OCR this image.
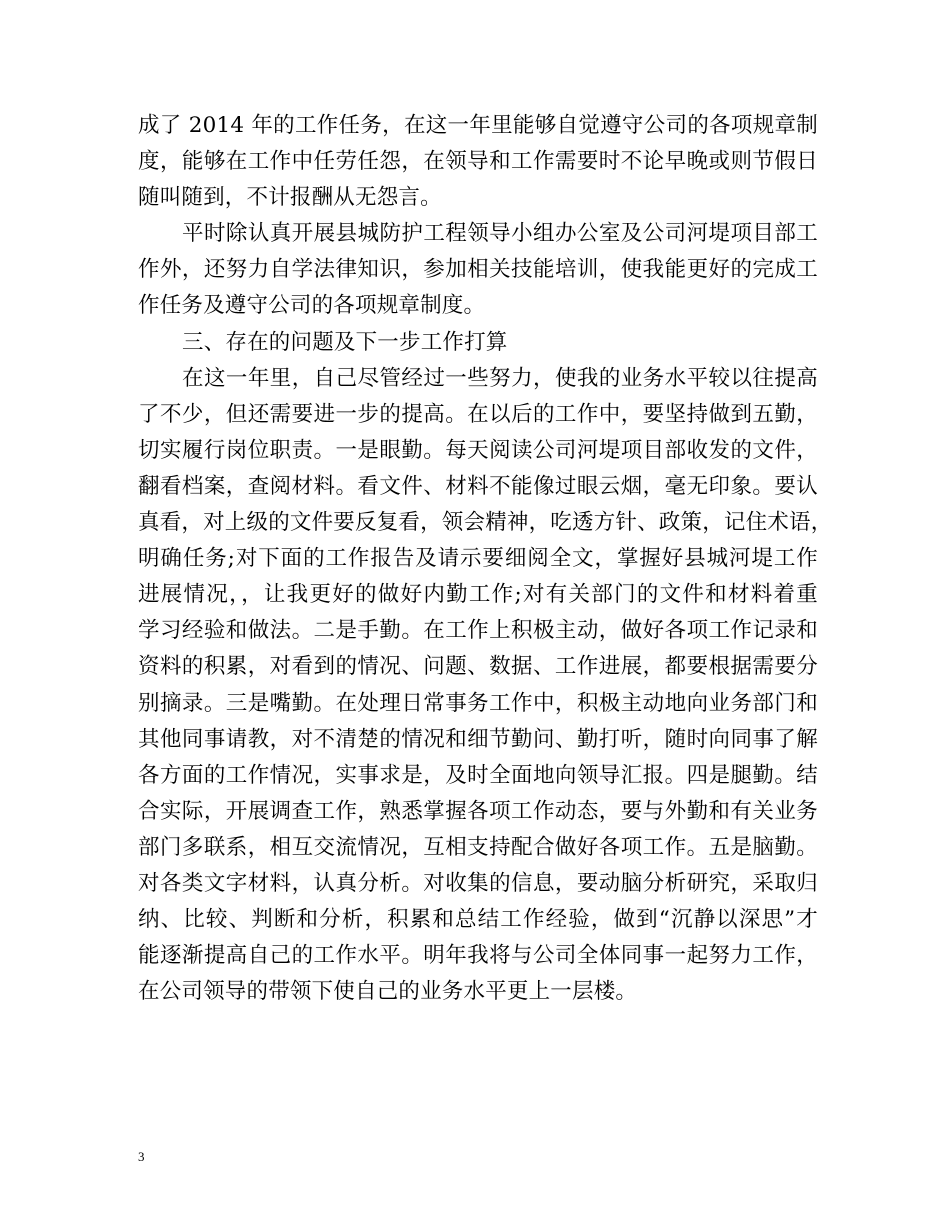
成了 2014 年的工作任务，在这一年里能够自觉遵守公司的各项规章制
度，能够在工作中任劳任怨，在领导和工作需要时不论早晚或则节假日
随叫随到，不计报酬从无怨言。
平时除认真开展县城防护工程领导小组办公室及公司河堤项目部工
作外，还努力自学法律知识，参加相关技能培训，使我能更好的完成工
作任务及遵守公司的各项规章制度。
三、存在的问题及下一步工作打算
在这一年里，自己尽管经过一些努力，使我的业务水平较以往提高
了不少，但还需要进一步的提高。在以后的工作中，要坚持做到五勤，
切实履行岗位职责。一是眼勤。每天阅读公司河堤项目部收发的文件，
翻看档案，查阅材料。看文件、材料不能像过眼云烟，毫无印象。要认
真看，对上级的文件要反复看，领会精神，吃透方针、政策，记住术语，
明确任务;对下面的工作报告及请示要细阅全文，掌握好县城河堤工作
进展情况，，让我更好的做好内勤工作;对有关部门的文件和材料着重
学习经验和做法。二是手勤。在工作上积极主动，做好各项工作记录和
资料的积累，对看到的情况、问题、数据、工作进展，都要根据需要分
别摘录。三是嘴勤。在处理日常事务工作中，积极主动地向业务部门和
其他同事请教，对不清楚的情况和细节勤问、勤打听，随时向同事了解
各方面的工作情况，实事求是，及时全面地向领导汇报。四是腿勤。结
合实际，开展调查工作，熟悉掌握各项工作动态，要与外勤和有关业务
部门多联系，相互交流情况，互相支持配合做好各项工作。五是脑勤。
对各类文字材料，认真分析。对收集的信息，要动脑分析研究，采取归
纳、比较、判断和分析，积累和总结工作经验，做到“沉静以深思”才
能逐渐提高自己的工作水平。明年我将与公司全体同事一起努力工作，
在公司领导的带领下使自己的业务水平更上一层楼。
3
